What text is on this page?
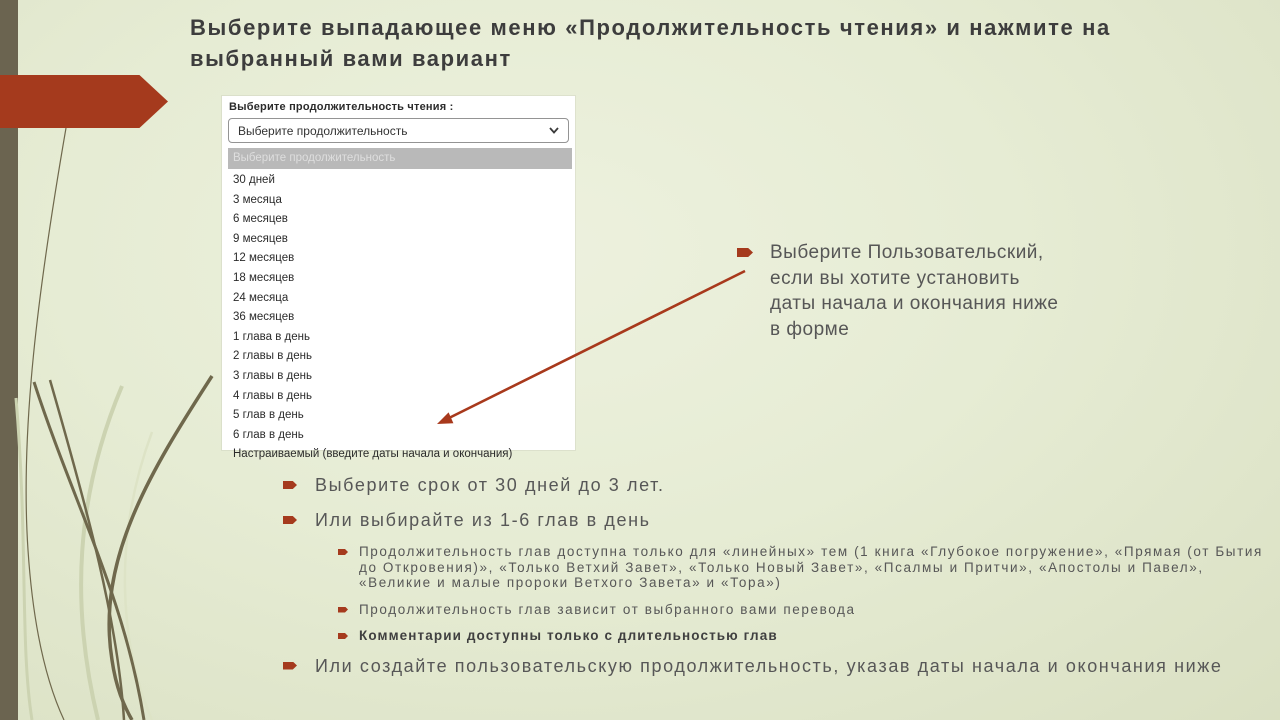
Выберите выпадающее меню «Продолжительность чтения» и нажмите на выбранный вами вариант
Выберите продолжительность чтения :
Выберите продолжительность
Выберите продолжительность
30 дней
3 месяца
6 месяцев
9 месяцев
12 месяцев
18 месяцев
24 месяца
36 месяцев
1 глава в день
2 главы в день
3 главы в день
4 главы в день
5 глав в день
6 глав в день
Настраиваемый (введите даты начала и окончания)
Выберите Пользовательский, если вы хотите установить даты начала и окончания ниже в форме
Выберите срок от 30 дней до 3 лет.
Или выбирайте из 1-6 глав в день
Продолжительность глав доступна только для «линейных» тем (1 книга «Глубокое погружение», «Прямая (от Бытия до Откровения)», «Только Ветхий Завет», «Только Новый Завет», «Псалмы и Притчи», «Апостолы и Павел», «Великие и малые пророки Ветхого Завета» и «Тора»)
Продолжительность глав зависит от выбранного вами перевода
Комментарии доступны только с длительностью глав
Или создайте пользовательскую продолжительность, указав даты начала и окончания ниже
